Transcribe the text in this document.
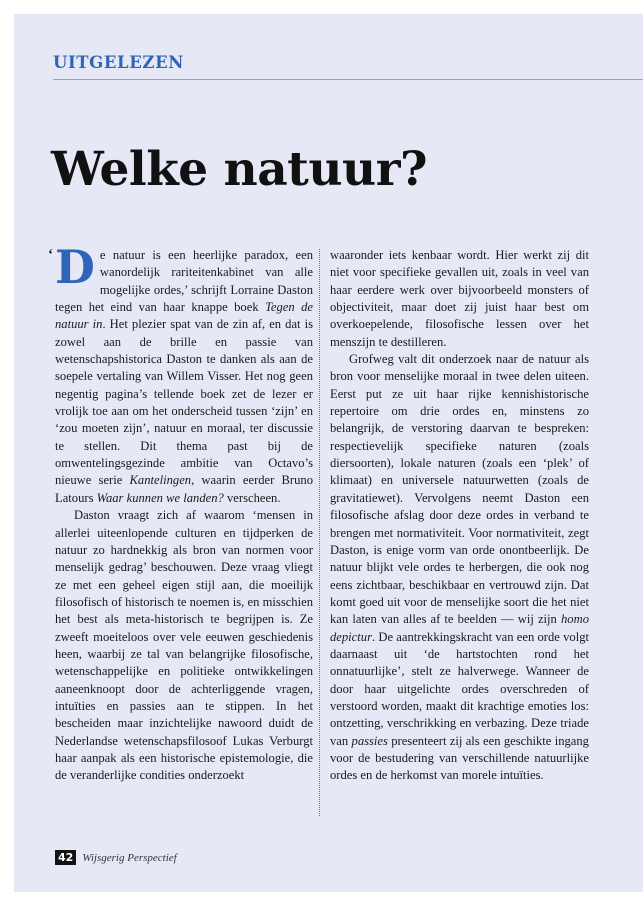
UITGELEZEN
Welke natuur?
‘ De natuur is een heerlijke paradox, een wanordelijk rariteitenkabinet van alle mogelijke ordes,’ schrijft Lorraine Daston tegen het eind van haar knappe boek Tegen de natuur in. Het plezier spat van de zin af, en dat is zowel aan de brille en passie van wetenschapshistorica Daston te danken als aan de soepele vertaling van Willem Visser. Het nog geen negentig pagina’s tellende boek zet de lezer er vrolijk toe aan om het onderscheid tussen ‘zijn’ en ‘zou moeten zijn’, natuur en moraal, ter discussie te stellen. Dit thema past bij de omwentelingsgezinde ambitie van Octavo’s nieuwe serie Kantelingen, waarin eerder Bruno Latours Waar kunnen we landen? verscheen.

Daston vraagt zich af waarom ‘mensen in allerlei uiteenlopende culturen en tijdperken de natuur zo hardnekkig als bron van normen voor menselijk gedrag’ beschouwen. Deze vraag vliegt ze met een geheel eigen stijl aan, die moeilijk filosofisch of historisch te noemen is, en misschien het best als meta-historisch te begrijpen is. Ze zweeft moeiteloos over vele eeuwen geschiedenis heen, waarbij ze tal van belangrijke filosofische, wetenschappelijke en politieke ontwikkelingen aaneenknoopt door de achterliggende vragen, intuïties en passies aan te stippen. In het bescheiden maar inzichtelijke nawoord duidt de Nederlandse wetenschapsfilosoof Lukas Verburgt haar aanpak als een historische epistemologie, die de veranderlijke condities onderzoekt

waaronder iets kenbaar wordt. Hier werkt zij dit niet voor specifieke gevallen uit, zoals in veel van haar eerdere werk over bijvoorbeeld monsters of objectiviteit, maar doet zij juist haar best om overkoepelende, filosofische lessen over het menszijn te destilleren.

Grofweg valt dit onderzoek naar de natuur als bron voor menselijke moraal in twee delen uiteen. Eerst put ze uit haar rijke kennishistorische repertoire om drie ordes en, minstens zo belangrijk, de verstoring daarvan te bespreken: respectievelijk specifieke naturen (zoals diersoorten), lokale naturen (zoals een ‘plek’ of klimaat) en universele natuurwetten (zoals de gravitatiewet). Vervolgens neemt Daston een filosofische afslag door deze ordes in verband te brengen met normativiteit. Voor normativiteit, zegt Daston, is enige vorm van orde onontbeerlijk. De natuur blijkt vele ordes te herbergen, die ook nog eens zichtbaar, beschikbaar en vertrouwd zijn. Dat komt goed uit voor de menselijke soort die het niet kan laten van alles af te beelden — wij zijn homo depictur. De aantrekkingskracht van een orde volgt daarnaast uit ‘de hartstochten rond het onnatuurlijke’, stelt ze halverwege. Wanneer de door haar uitgelichte ordes overschreden of verstoord worden, maakt dit krachtige emoties los: ontzetting, verschrikking en verbazing. Deze triade van passies presenteert zij als een geschikte ingang voor de bestudering van verschillende natuurlijke ordes en de herkomst van morele intuïties.

42 Wijsgerig Perspectief
